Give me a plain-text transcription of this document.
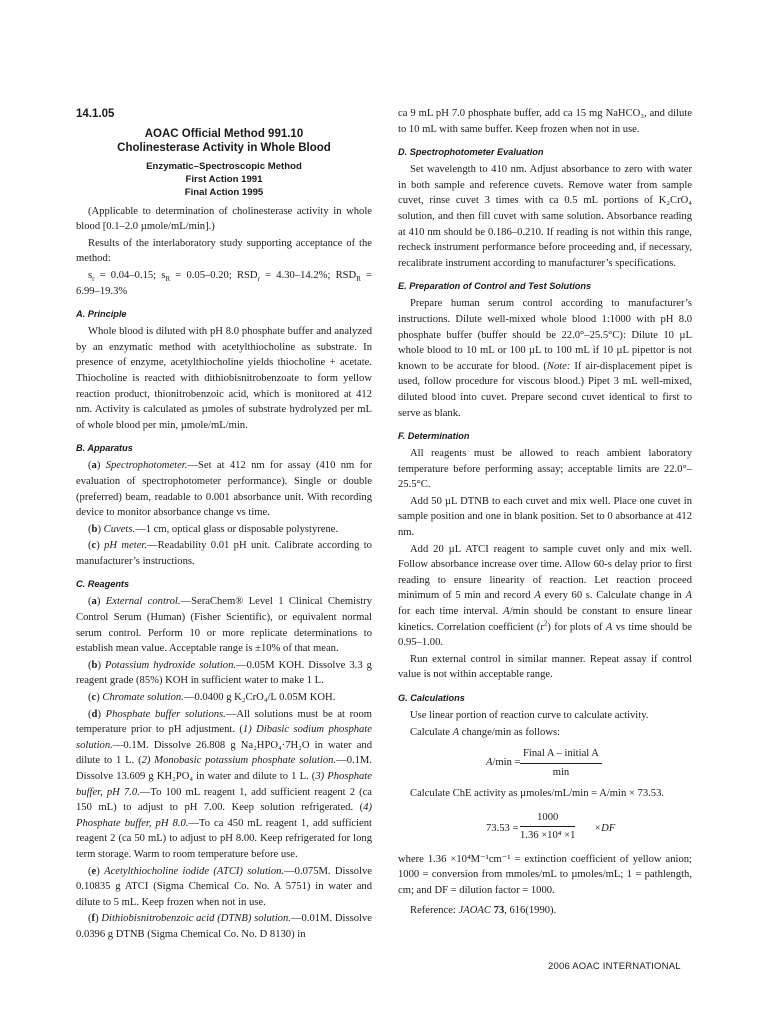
14.1.05
AOAC Official Method 991.10
Cholinesterase Activity in Whole Blood
Enzymatic–Spectroscopic Method
First Action 1991
Final Action 1995

(Applicable to determination of cholinesterase activity in whole blood [0.1–2.0 µmole/mL/min].)

Results of the interlaboratory study supporting acceptance of the method:

$s_r = 0.04-0.15$; $s_R = 0.05-0.20$; $RSD_r = 4.30-14.2\%$; $RSD_R = 6.99-19.3\%$

A. Principle

Whole blood is diluted with pH 8.0 phosphate buffer and analyzed by an enzymatic method with acetylthiocholine as substrate. In presence of enzyme, acetylthiocholine yields thiocholine + acetate. Thiocholine is reacted with dithiobisnitrobenzoate to form yellow reaction product, thionitrobenzoic acid, which is monitored at 412 nm. Activity is calculated as µmoles of substrate hydrolyzed per mL of whole blood per min, µmole/mL/min.

B. Apparatus

(a) Spectrophotometer.—Set at 412 nm for assay (410 nm for evaluation of spectrophotometer performance). Single or double (preferred) beam, readable to 0.001 absorbance unit. With recording device to monitor absorbance change vs time.

(b) Cuvets.—1 cm, optical glass or disposable polystyrene.

(c) pH meter.—Readability 0.01 pH unit. Calibrate according to manufacturer’s instructions.

C. Reagents

(a) External control.—SeraChem® Level 1 Clinical Chemistry Control Serum (Human) (Fisher Scientific), or equivalent normal serum control. Perform 10 or more replicate determinations to establish mean value. Acceptable range is ±10% of that mean.

(b) Potassium hydroxide solution.—0.05M KOH. Dissolve 3.3 g reagent grade (85%) KOH in sufficient water to make 1 L.

(c) Chromate solution.—0.0400 g K₂CrO₄/L 0.05M KOH.

(d) Phosphate buffer solutions.—All solutions must be at room temperature prior to pH adjustment. (1) Dibasic sodium phosphate solution.—0.1M. Dissolve 26.808 g Na₂HPO₄·7H₂O in water and dilute to 1 L. (2) Monobasic potassium phosphate solution.—0.1M. Dissolve 13.609 g KH₂PO₄ in water and dilute to 1 L. (3) Phosphate buffer, pH 7.0.—To 100 mL reagent 1, add sufficient reagent 2 (ca 150 mL) to adjust to pH 7.00. Keep solution refrigerated. (4) Phosphate buffer, pH 8.0.—To ca 450 mL reagent 1, add sufficient reagent 2 (ca 50 mL) to adjust to pH 8.00. Keep refrigerated for long term storage. Warm to room temperature before use.

(e) Acetylthiocholine iodide (ATCI) solution.—0.075M. Dissolve 0.10835 g ATCI (Sigma Chemical Co. No. A 5751) in water and dilute to 5 mL. Keep frozen when not in use.

(f) Dithiobisnitrobenzoic acid (DTNB) solution.—0.01M. Dissolve 0.0396 g DTNB (Sigma Chemical Co. No. D 8130) in

ca 9 mL pH 7.0 phosphate buffer, add ca 15 mg NaHCO₃, and dilute to 10 mL with same buffer. Keep frozen when not in use.

D. Spectrophotometer Evaluation

Set wavelength to 410 nm. Adjust absorbance to zero with water in both sample and reference cuvets. Remove water from sample cuvet, rinse cuvet 3 times with ca 0.5 mL portions of K₂CrO₄ solution, and then fill cuvet with same solution. Absorbance reading at 410 nm should be 0.186–0.210. If reading is not within this range, recheck instrument performance before proceeding and, if necessary, recalibrate instrument according to manufacturer’s specifications.

E. Preparation of Control and Test Solutions

Prepare human serum control according to manufacturer’s instructions. Dilute well-mixed whole blood 1:1000 with pH 8.0 phosphate buffer (buffer should be 22.0°–25.5°C): Dilute 10 µL whole blood to 10 mL or 100 µL to 100 mL if 10 µL pipettor is not known to be accurate for blood. (Note: If air-displacement pipet is used, follow procedure for viscous blood.) Pipet 3 mL well-mixed, diluted blood into cuvet. Prepare second cuvet identical to first to serve as blank.

F. Determination

All reagents must be allowed to reach ambient laboratory temperature before performing assay; acceptable limits are 22.0°–25.5°C.

Add 50 µL DTNB to each cuvet and mix well. Place one cuvet in sample position and one in blank position. Set to 0 absorbance at 412 nm.

Add 20 µL ATCI reagent to sample cuvet only and mix well. Follow absorbance increase over time. Allow 60-s delay prior to first reading to ensure linearity of reaction. Let reaction proceed minimum of 5 min and record A every 60 s. Calculate change in A for each time interval. A/min should be constant to ensure linear kinetics. Correlation coefficient $(r^2)$ for plots of A vs time should be 0.95–1.00.

Run external control in similar manner. Repeat assay if control value is not within acceptable range.

G. Calculations

Use linear portion of reaction curve to calculate activity.

Calculate A change/min as follows:

A/min =
Final A – initial A
min

Calculate ChE activity as µmoles/mL/min = A/min × 73.53.

$73.53 = \frac{1000}{\text{1.36 ×10⁴ ×1}} \times DF$

where 1.36 ×10⁴M⁻¹cm⁻¹ = extinction coefficient of yellow anion; 1000 = conversion from mmoles/mL to µmoles/mL; 1 = pathlength, cm; and DF = dilution factor = 1000.

Reference: JAOAC 73, 616(1990).

2006 AOAC INTERNATIONAL
